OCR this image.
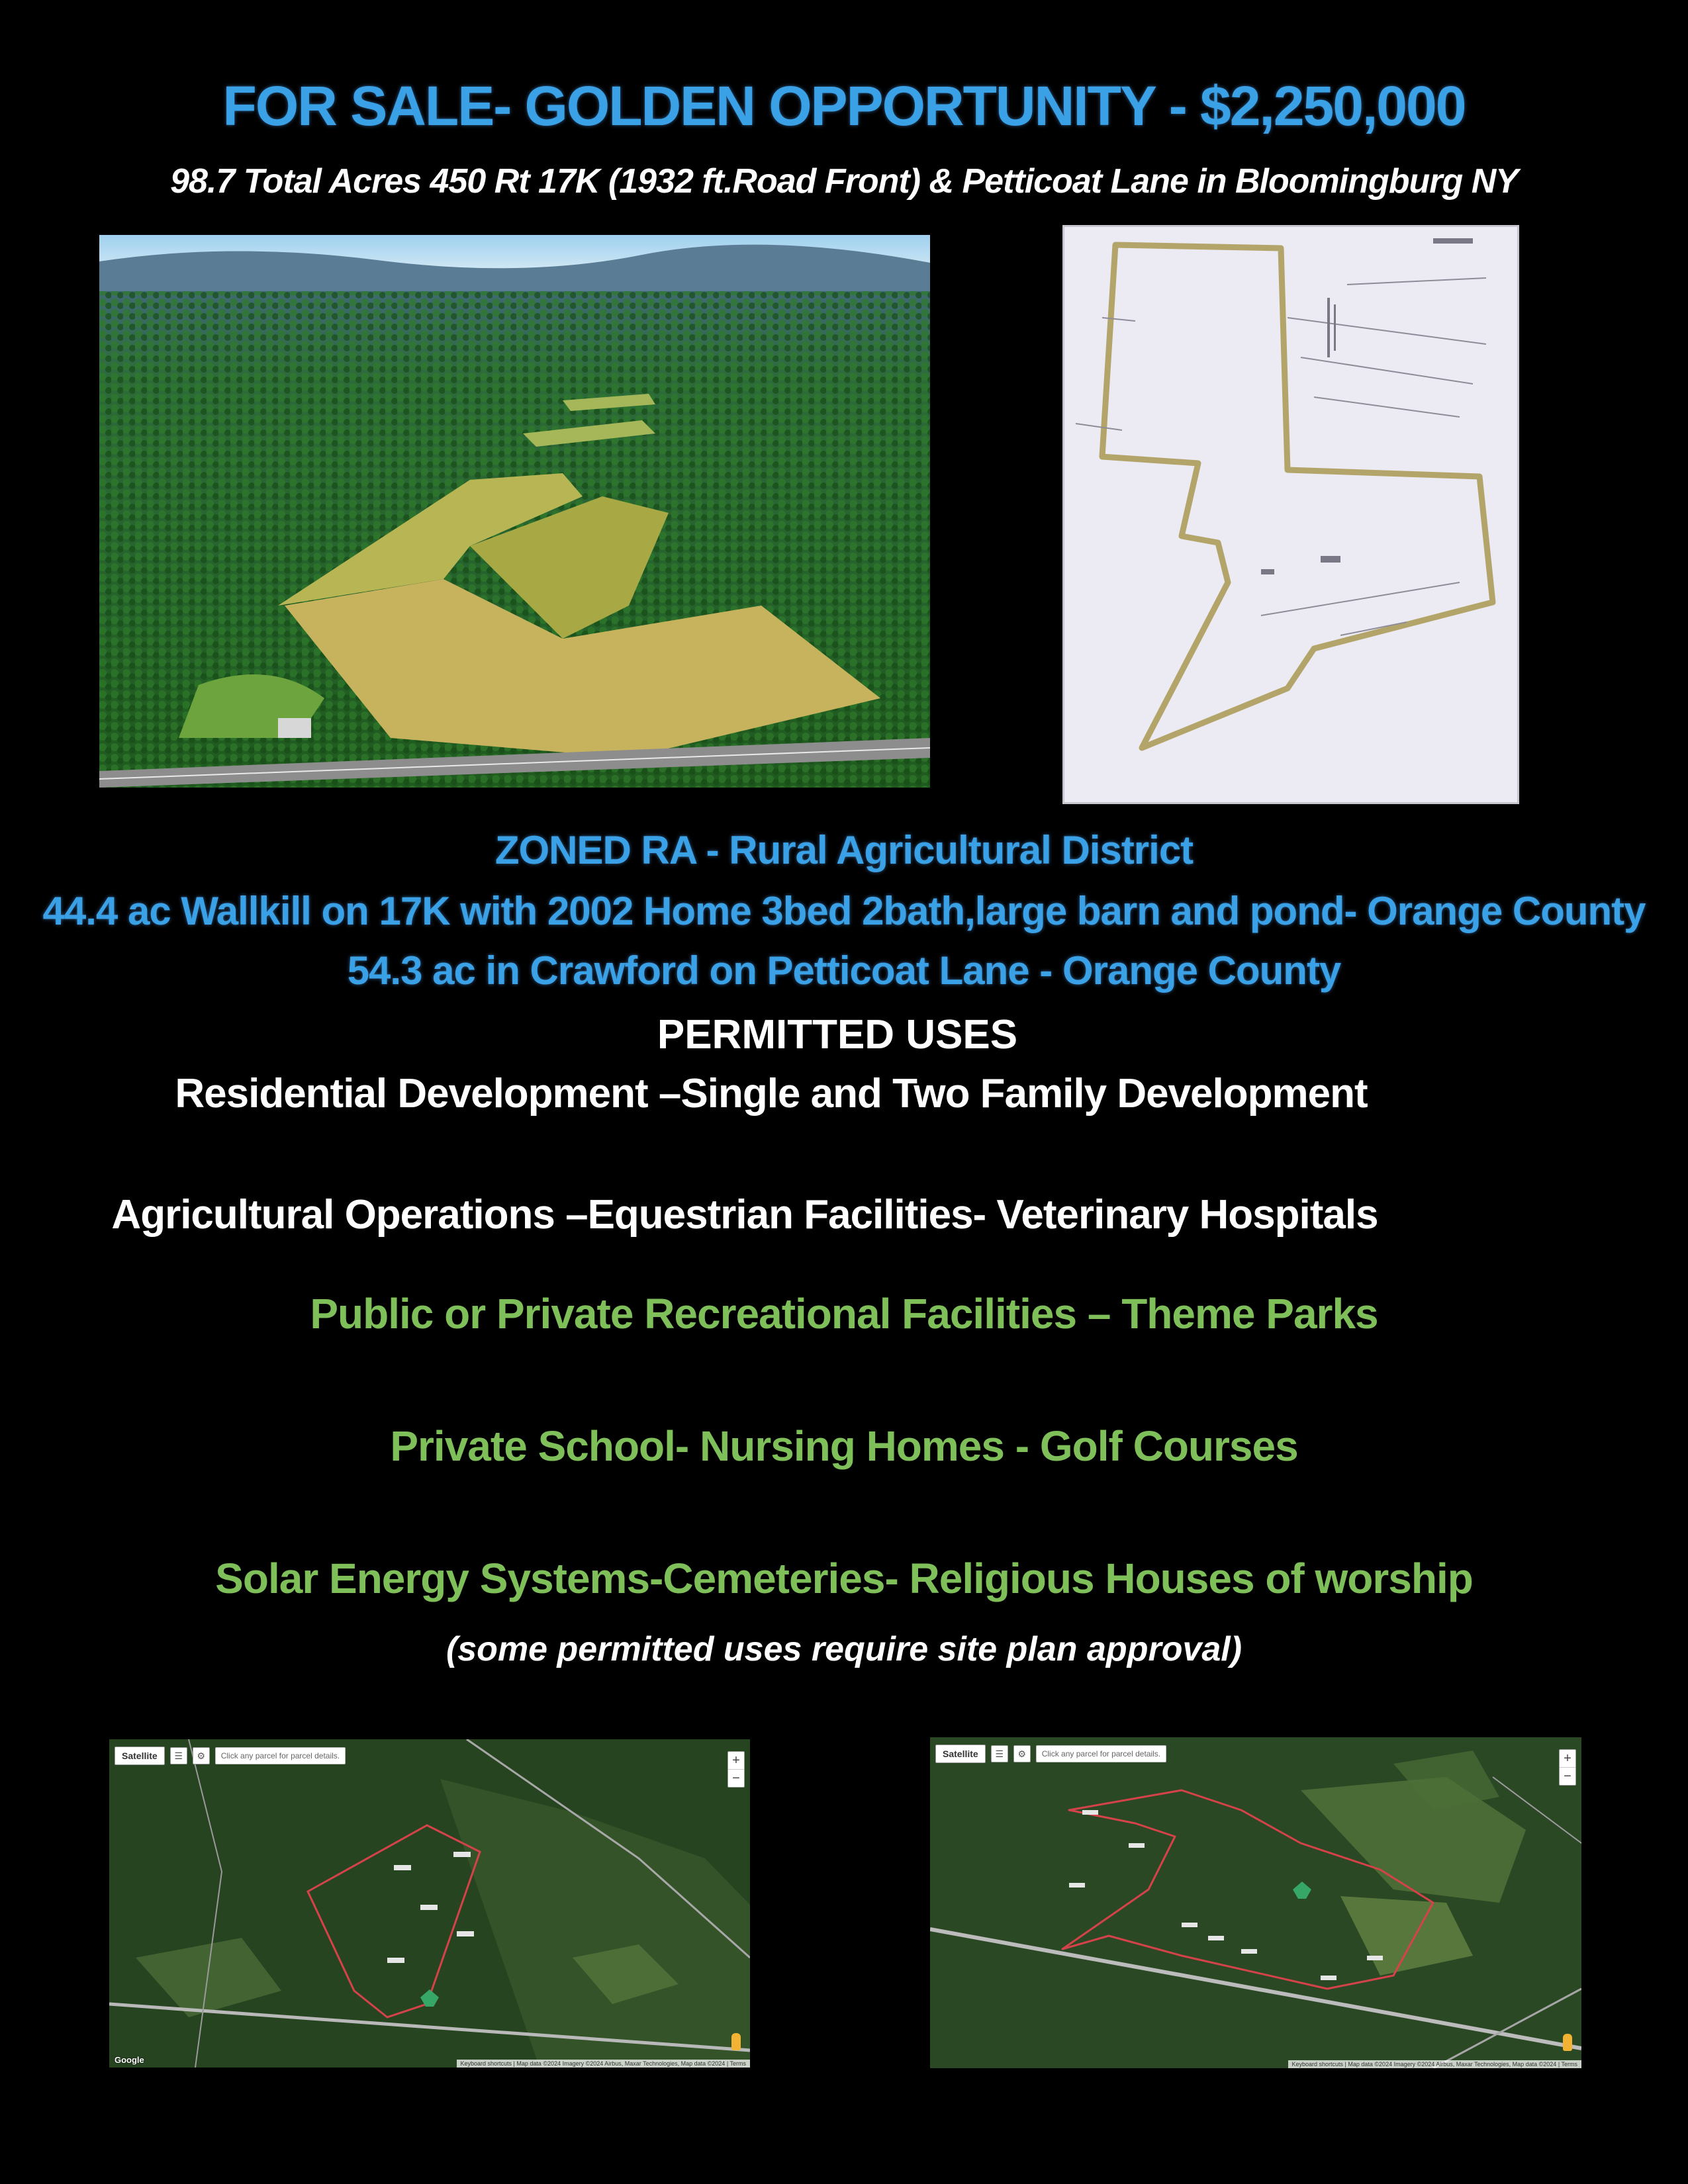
FOR SALE- GOLDEN OPPORTUNITY - $2,250,000
98.7 Total Acres 450 Rt 17K (1932 ft.Road Front) & Petticoat Lane in Bloomingburg NY
ZONED RA - Rural Agricultural District
44.4 ac Wallkill on 17K with 2002 Home 3bed 2bath,large barn and pond- Orange County
54.3 ac in Crawford on Petticoat Lane - Orange County
PERMITTED USES
Residential Development –Single and Two Family Development
Agricultural Operations –Equestrian Facilities- Veterinary Hospitals
Public or Private Recreational Facilities – Theme Parks
Private School- Nursing Homes - Golf Courses
Solar Energy Systems-Cemeteries- Religious Houses of worship
(some permitted uses require site plan approval)
Satellite	☰	⚙	Click any parcel for parcel details.	+
−
Google	Keyboard shortcuts | Map data ©2024 Imagery ©2024 Airbus, Maxar Technologies, Map data ©2024 | Terms
Satellite	☰	⚙	Click any parcel for parcel details.	+
−
Keyboard shortcuts | Map data ©2024 Imagery ©2024 Airbus, Maxar Technologies, Map data ©2024 | Terms
